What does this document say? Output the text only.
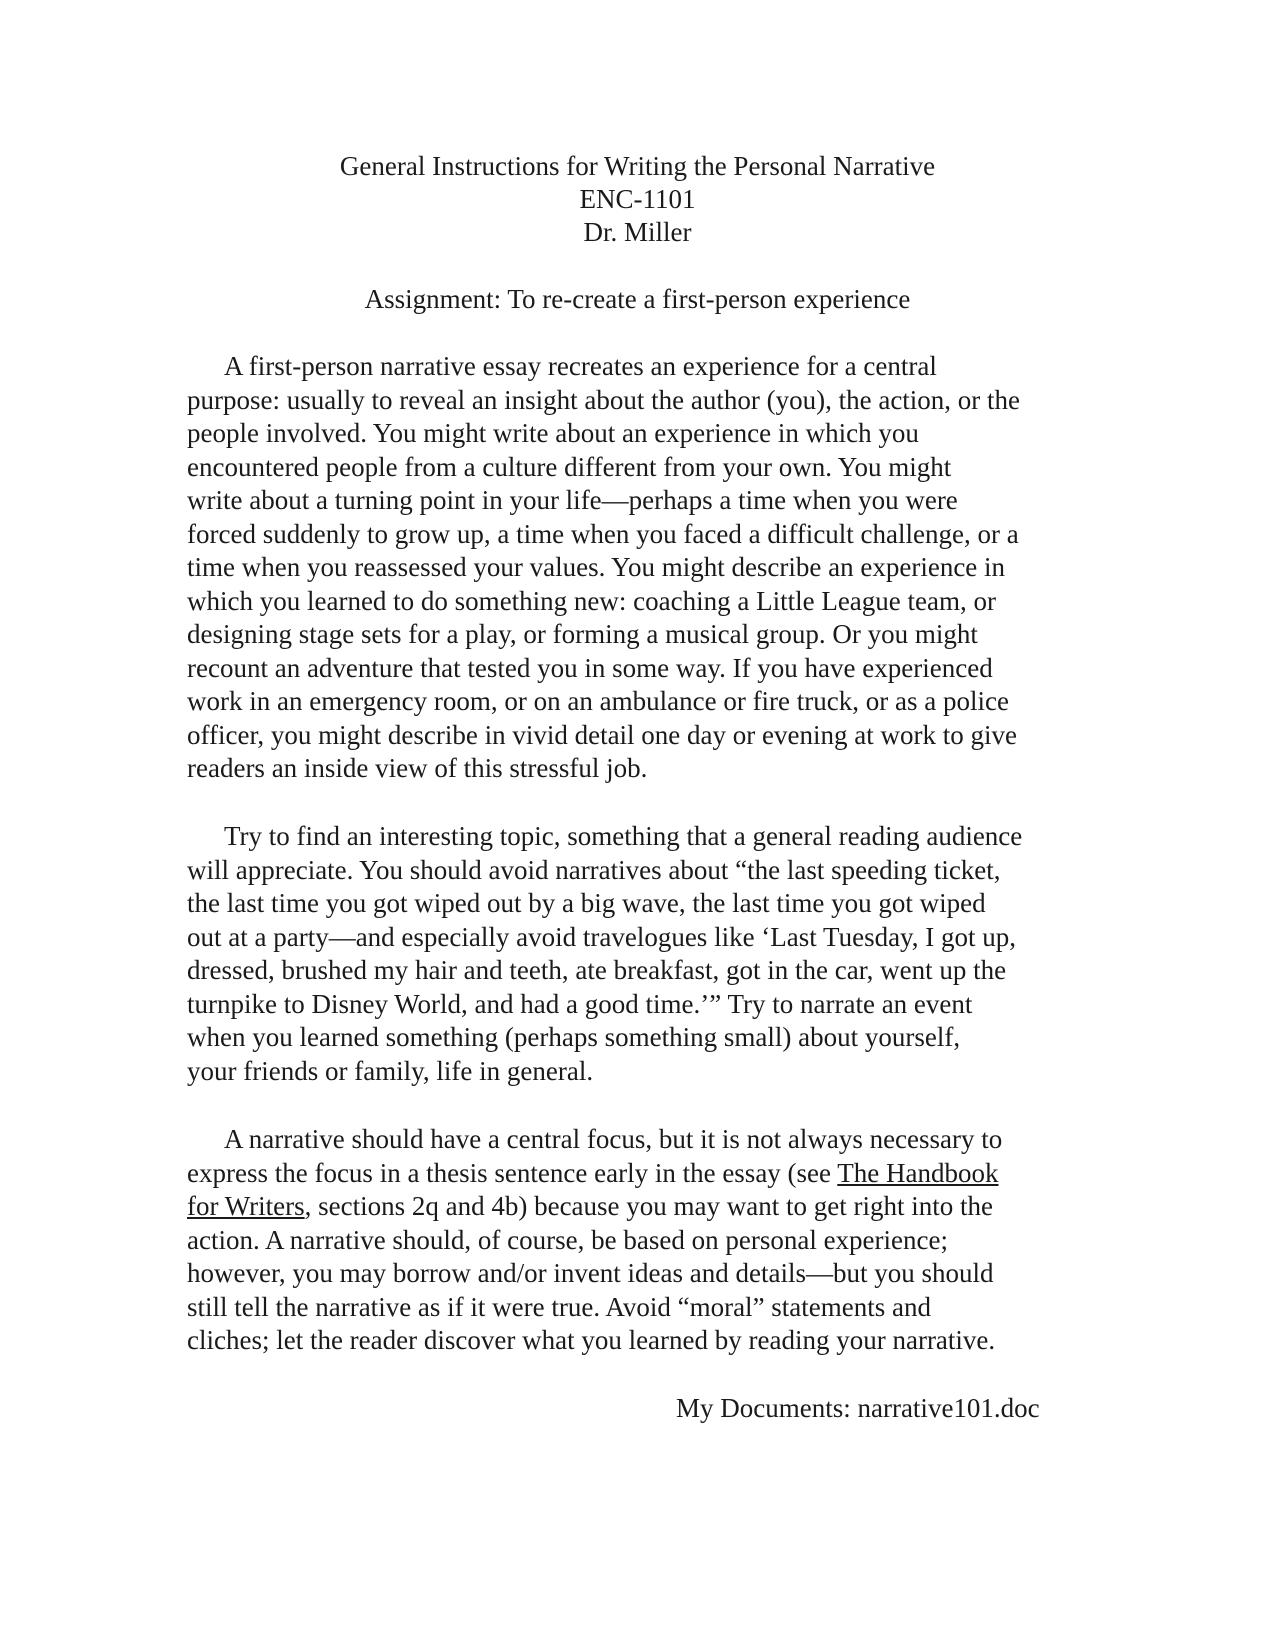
General Instructions for Writing the Personal Narrative
ENC-1101
Dr. Miller
Assignment: To re-create a first-person experience
A first-person narrative essay recreates an experience for a central
purpose: usually to reveal an insight about the author (you), the action, or the
people involved. You might write about an experience in which you
encountered people from a culture different from your own. You might
write about a turning point in your life—perhaps a time when you were
forced suddenly to grow up, a time when you faced a difficult challenge, or a
time when you reassessed your values. You might describe an experience in
which you learned to do something new: coaching a Little League team, or
designing stage sets for a play, or forming a musical group. Or you might
recount an adventure that tested you in some way. If you have experienced
work in an emergency room, or on an ambulance or fire truck, or as a police
officer, you might describe in vivid detail one day or evening at work to give
readers an inside view of this stressful job.
Try to find an interesting topic, something that a general reading audience
will appreciate. You should avoid narratives about “the last speeding ticket,
the last time you got wiped out by a big wave, the last time you got wiped
out at a party—and especially avoid travelogues like ‘Last Tuesday, I got up,
dressed, brushed my hair and teeth, ate breakfast, got in the car, went up the
turnpike to Disney World, and had a good time.’” Try to narrate an event
when you learned something (perhaps something small) about yourself,
your friends or family, life in general.
A narrative should have a central focus, but it is not always necessary to
express the focus in a thesis sentence early in the essay (see The Handbook
for Writers, sections 2q and 4b) because you may want to get right into the
action. A narrative should, of course, be based on personal experience;
however, you may borrow and/or invent ideas and details—but you should
still tell the narrative as if it were true. Avoid “moral” statements and
cliches; let the reader discover what you learned by reading your narrative.
My Documents: narrative101.doc
